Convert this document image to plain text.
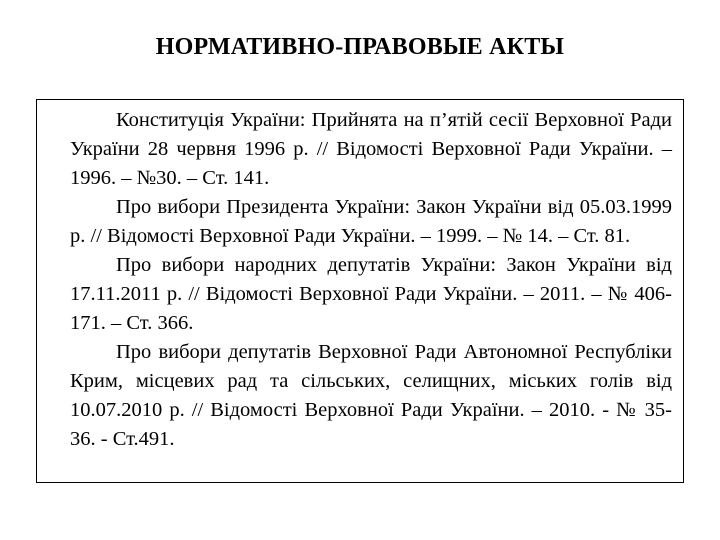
НОРМАТИВНО-ПРАВОВЫЕ АКТЫ

Конституція України: Прийнята на п’ятій сесії Верховної Ради України 28 червня 1996 р. // Відомості Верховної Ради України. – 1996. – №30. – Ст. 141.

Про вибори Президента України: Закон України від 05.03.1999 р. // Відомості Верховної Ради України. – 1999. – № 14. – Ст. 81.

Про вибори народних депутатів України: Закон України від 17.11.2011 р. // Відомості Верховної Ради України. – 2011. – № 406-171. – Ст. 366.

Про вибори депутатів Верховної Ради Автономної Республіки Крим, місцевих рад та сільських, селищних, міських голів від 10.07.2010 р. // Відомості Верховної Ради України. – 2010. - № 35-36. - Ст.491.
